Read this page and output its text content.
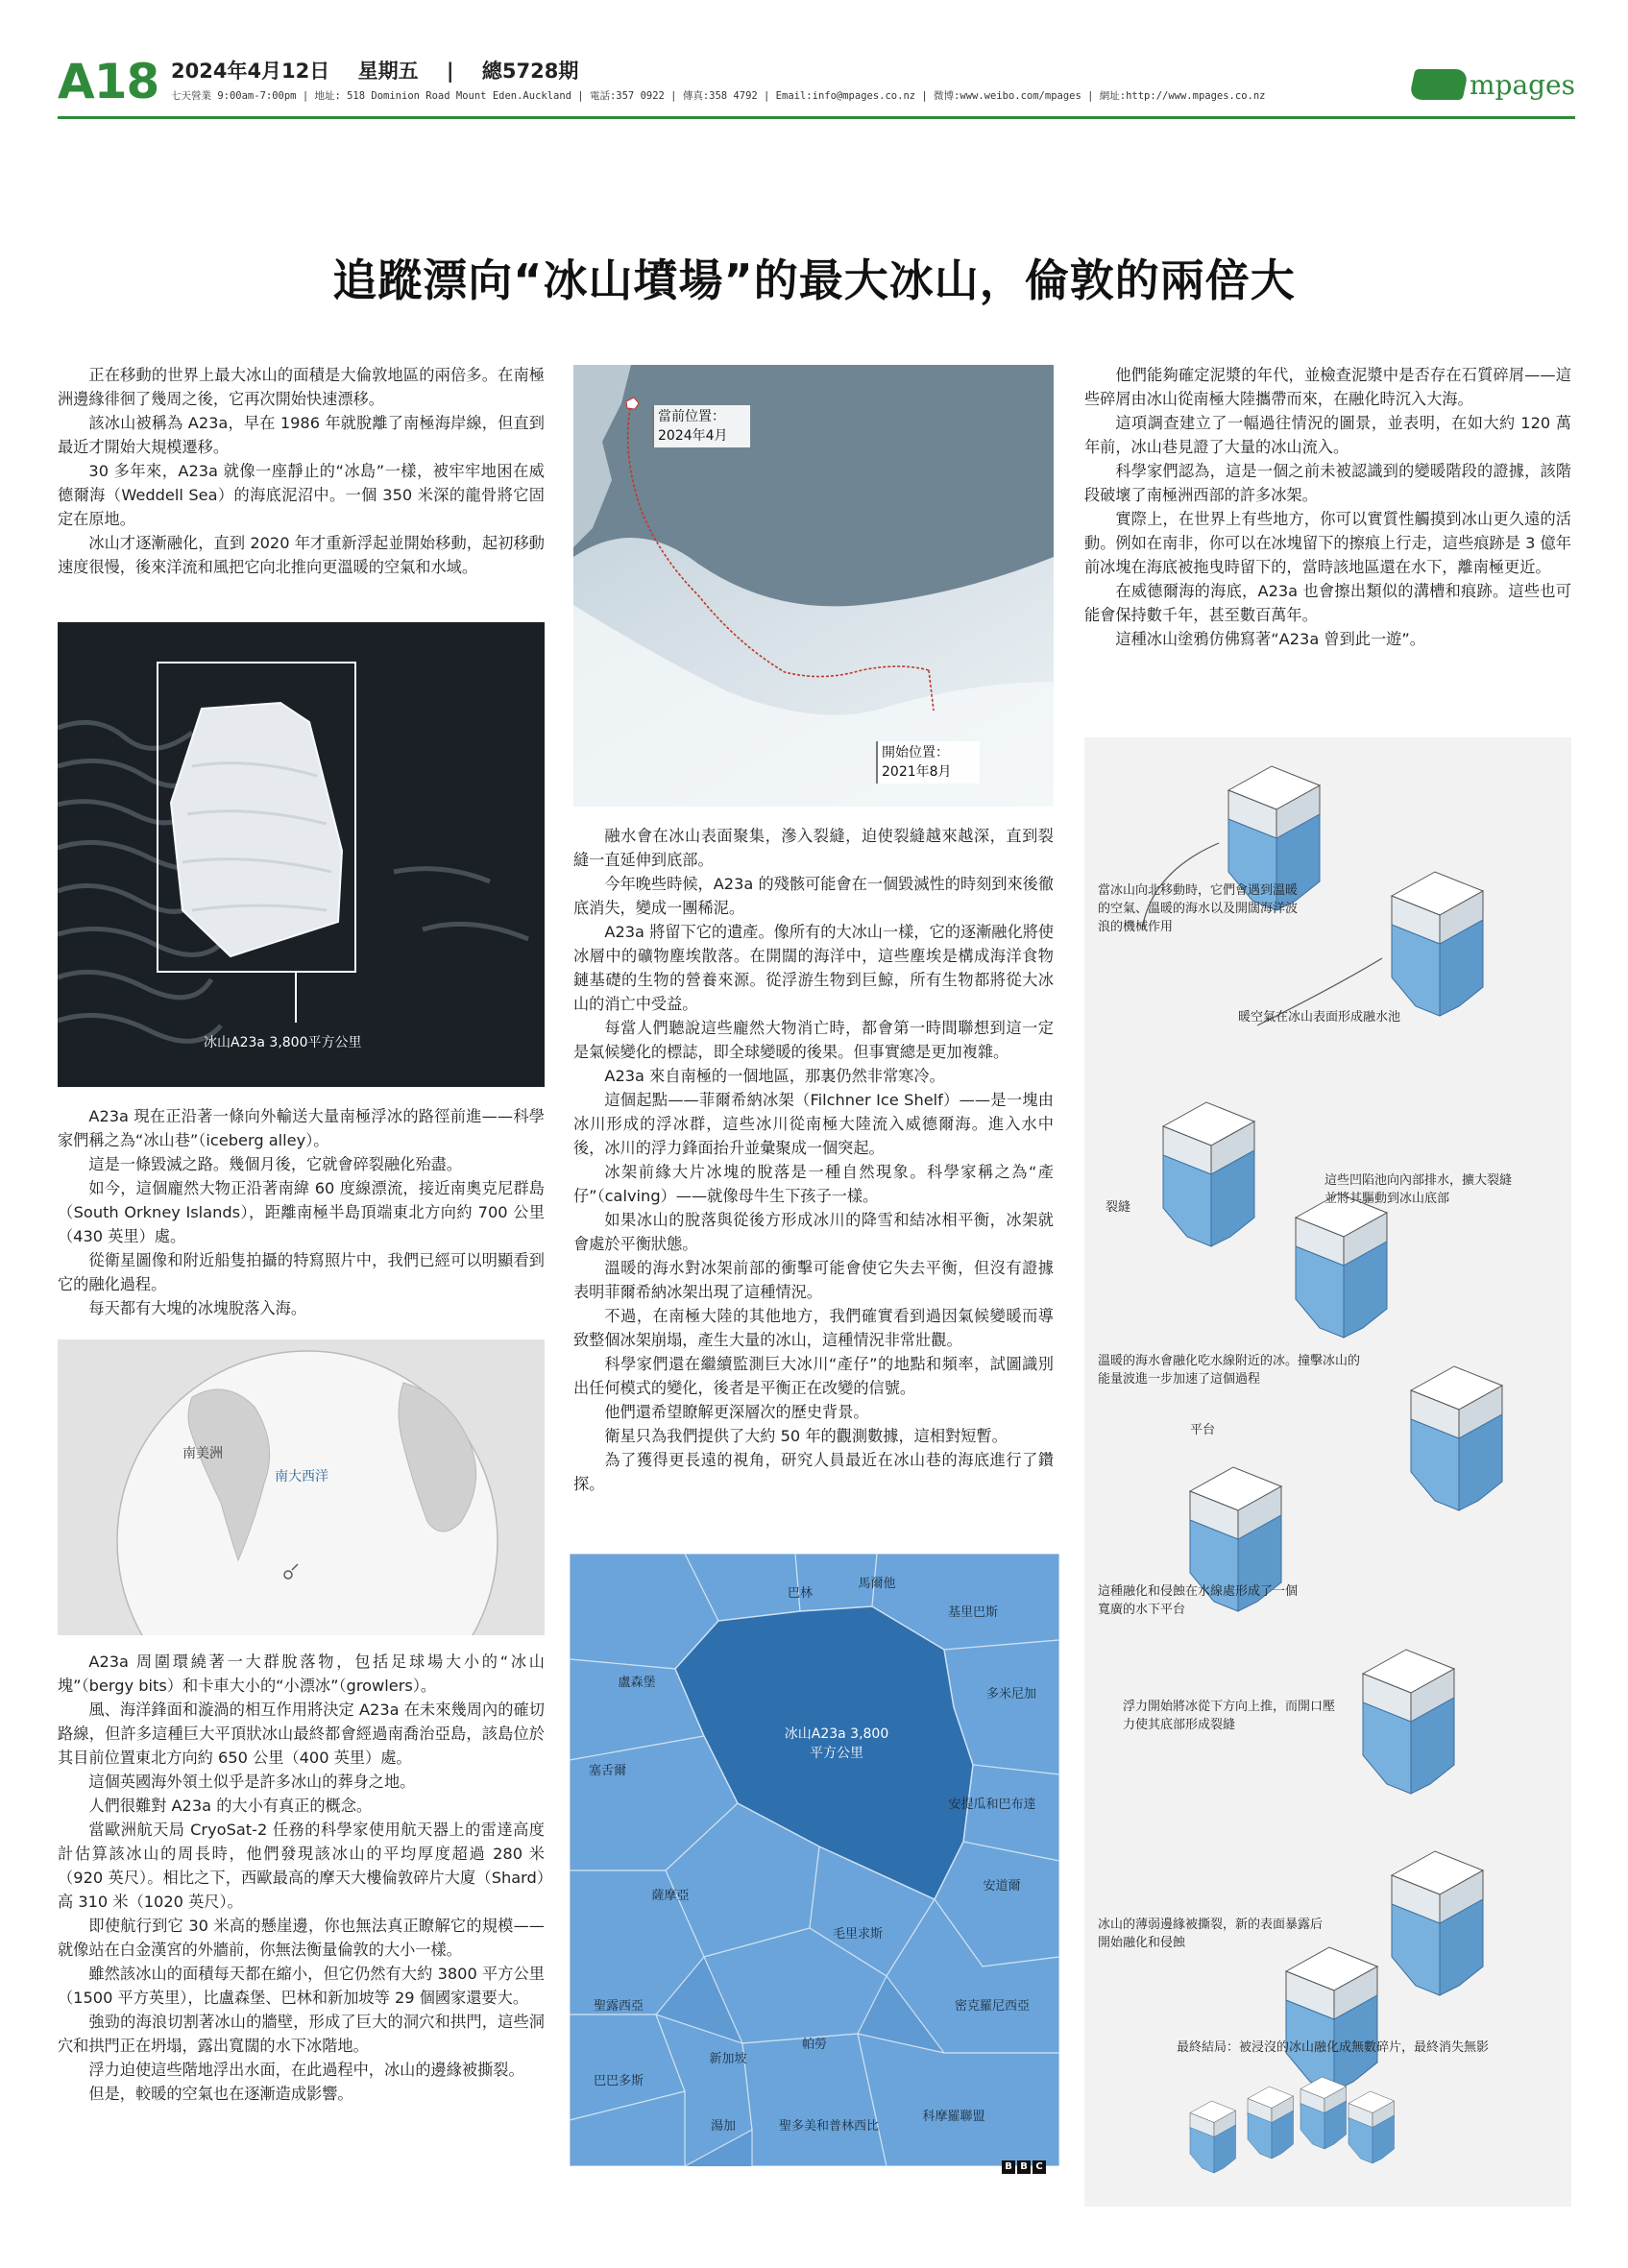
A18 2024年4月12日 星期五 | 總5728期
七天營業 9:00am-7:00pm | 地址: 518 Dominion Road Mount Eden.Auckland | 電話:357 0922 | 傳真:358 4792 | Email:info@mpages.co.nz | 微博:www.weibo.com/mpages | 網址:http://www.mpages.co.nz	mpages
追蹤漂向“冰山墳場”的最大冰山，倫敦的兩倍大

正在移動的世界上最大冰山的面積是大倫敦地區的兩倍多。在南極洲邊緣徘徊了幾周之後，它再次開始快速漂移。

該冰山被稱為 A23a，早在 1986 年就脫離了南極海岸線，但直到最近才開始大規模遷移。

30 多年來，A23a 就像一座靜止的“冰島”一樣，被牢牢地困在威德爾海（Weddell Sea）的海底泥沼中。一個 350 米深的龍骨將它固定在原地。

冰山才逐漸融化，直到 2020 年才重新浮起並開始移動，起初移動速度很慢，後來洋流和風把它向北推向更溫暖的空氣和水域。

冰山A23a 3,800平方公里

A23a 現在正沿著一條向外輸送大量南極浮冰的路徑前進——科學家們稱之為“冰山巷”（iceberg alley）。

這是一條毀滅之路。幾個月後，它就會碎裂融化殆盡。

如今，這個龐然大物正沿著南緯 60 度線漂流，接近南奧克尼群島（South Orkney Islands），距離南極半島頂端東北方向約 700 公里（430 英里）處。

從衛星圖像和附近船隻拍攝的特寫照片中，我們已經可以明顯看到它的融化過程。

每天都有大塊的冰塊脫落入海。

南美洲
南大西洋

A23a 周圍環繞著一大群脫落物，包括足球場大小的“冰山塊”（bergy bits）和卡車大小的“小漂冰”（growlers）。

風、海洋鋒面和漩渦的相互作用將決定 A23a 在未來幾周內的確切路線，但許多這種巨大平頂狀冰山最終都會經過南喬治亞島，該島位於其目前位置東北方向約 650 公里（400 英里）處。

這個英國海外領土似乎是許多冰山的葬身之地。

人們很難對 A23a 的大小有真正的概念。

當歐洲航天局 CryoSat-2 任務的科學家使用航天器上的雷達高度計估算該冰山的周長時，他們發現該冰山的平均厚度超過 280 米（920 英尺）。相比之下，西歐最高的摩天大樓倫敦碎片大廈（Shard）高 310 米（1020 英尺）。

即使航行到它 30 米高的懸崖邊，你也無法真正瞭解它的規模——就像站在白金漢宮的外牆前，你無法衡量倫敦的大小一樣。

雖然該冰山的面積每天都在縮小，但它仍然有大約 3800 平方公里（1500 平方英里），比盧森堡、巴林和新加坡等 29 個國家還要大。

強勁的海浪切割著冰山的牆壁，形成了巨大的洞穴和拱門，這些洞穴和拱門正在坍塌，露出寬闊的水下冰階地。

浮力迫使這些階地浮出水面，在此過程中，冰山的邊緣被撕裂。

但是，較暖的空氣也在逐漸造成影響。

當前位置：2024年4月
開始位置：2021年8月

融水會在冰山表面聚集，滲入裂縫，迫使裂縫越來越深，直到裂縫一直延伸到底部。

今年晚些時候，A23a 的殘骸可能會在一個毀滅性的時刻到來後徹底消失，變成一團稀泥。

A23a 將留下它的遺產。像所有的大冰山一樣，它的逐漸融化將使冰層中的礦物塵埃散落。在開闊的海洋中，這些塵埃是構成海洋食物鏈基礎的生物的營養來源。從浮游生物到巨鯨，所有生物都將從大冰山的消亡中受益。

每當人們聽說這些龐然大物消亡時，都會第一時間聯想到這一定是氣候變化的標誌，即全球變暖的後果。但事實總是更加複雜。

A23a 來自南極的一個地區，那裏仍然非常寒冷。

這個起點——菲爾希納冰架（Filchner Ice Shelf）——是一塊由冰川形成的浮冰群，這些冰川從南極大陸流入威德爾海。進入水中後，冰川的浮力鋒面抬升並彙聚成一個突起。

冰架前緣大片冰塊的脫落是一種自然現象。科學家稱之為“產仔”（calving）——就像母牛生下孩子一樣。

如果冰山的脫落與從後方形成冰川的降雪和結冰相平衡，冰架就會處於平衡狀態。

溫暖的海水對冰架前部的衝擊可能會使它失去平衡，但沒有證據表明菲爾希納冰架出現了這種情況。

不過，在南極大陸的其他地方，我們確實看到過因氣候變暖而導致整個冰架崩塌，產生大量的冰山，這種情況非常壯觀。

科學家們還在繼續監測巨大冰川“產仔”的地點和頻率，試圖識別出任何模式的變化，後者是平衡正在改變的信號。

他們還希望瞭解更深層次的歷史背景。

衛星只為我們提供了大約 50 年的觀測數據，這相對短暫。

為了獲得更長遠的視角，研究人員最近在冰山巷的海底進行了鑽探。

冰山A23a 3,800
平方公里
巴林
馬爾他
基里巴斯
盧森堡
多米尼加
塞舌爾
安提瓜和巴布達
薩摩亞
安道爾
毛里求斯
聖露西亞	密克羅尼西亞
新加坡
帕勞
巴巴多斯
湯加	聖多美和普林西比
科摩羅聯盟
B B C

他們能夠確定泥漿的年代，並檢查泥漿中是否存在石質碎屑——這些碎屑由冰山從南極大陸攜帶而來，在融化時沉入大海。

這項調查建立了一幅過往情況的圖景，並表明，在如大約 120 萬年前，冰山巷見證了大量的冰山流入。

科學家們認為，這是一個之前未被認識到的變暖階段的證據，該階段破壞了南極洲西部的許多冰架。

實際上，在世界上有些地方，你可以實質性觸摸到冰山更久遠的活動。例如在南非，你可以在冰塊留下的擦痕上行走，這些痕跡是 3 億年前冰塊在海底被拖曳時留下的，當時該地區還在水下，離南極更近。

在威德爾海的海底，A23a 也會擦出類似的溝槽和痕跡。這些也可能會保持數千年，甚至數百萬年。

這種冰山塗鴉仿佛寫著“A23a 曾到此一遊”。

當冰山向北移動時，它們會遇到溫暖的空氣、溫暖的海水以及開闊海洋波浪的機械作用
暖空氣在冰山表面形成融水池
裂縫
這些凹陷池向內部排水，擴大裂縫並將其驅動到冰山底部
溫暖的海水會融化吃水線附近的冰。撞擊冰山的能量波進一步加速了這個過程
平台
這種融化和侵蝕在水線處形成了一個寬廣的水下平台
浮力開始將冰從下方向上推，而開口壓力使其底部形成裂縫
冰山的薄弱邊緣被撕裂，新的表面暴露后開始融化和侵蝕
最終結局：被浸沒的冰山融化成無數碎片，最終消失無影
